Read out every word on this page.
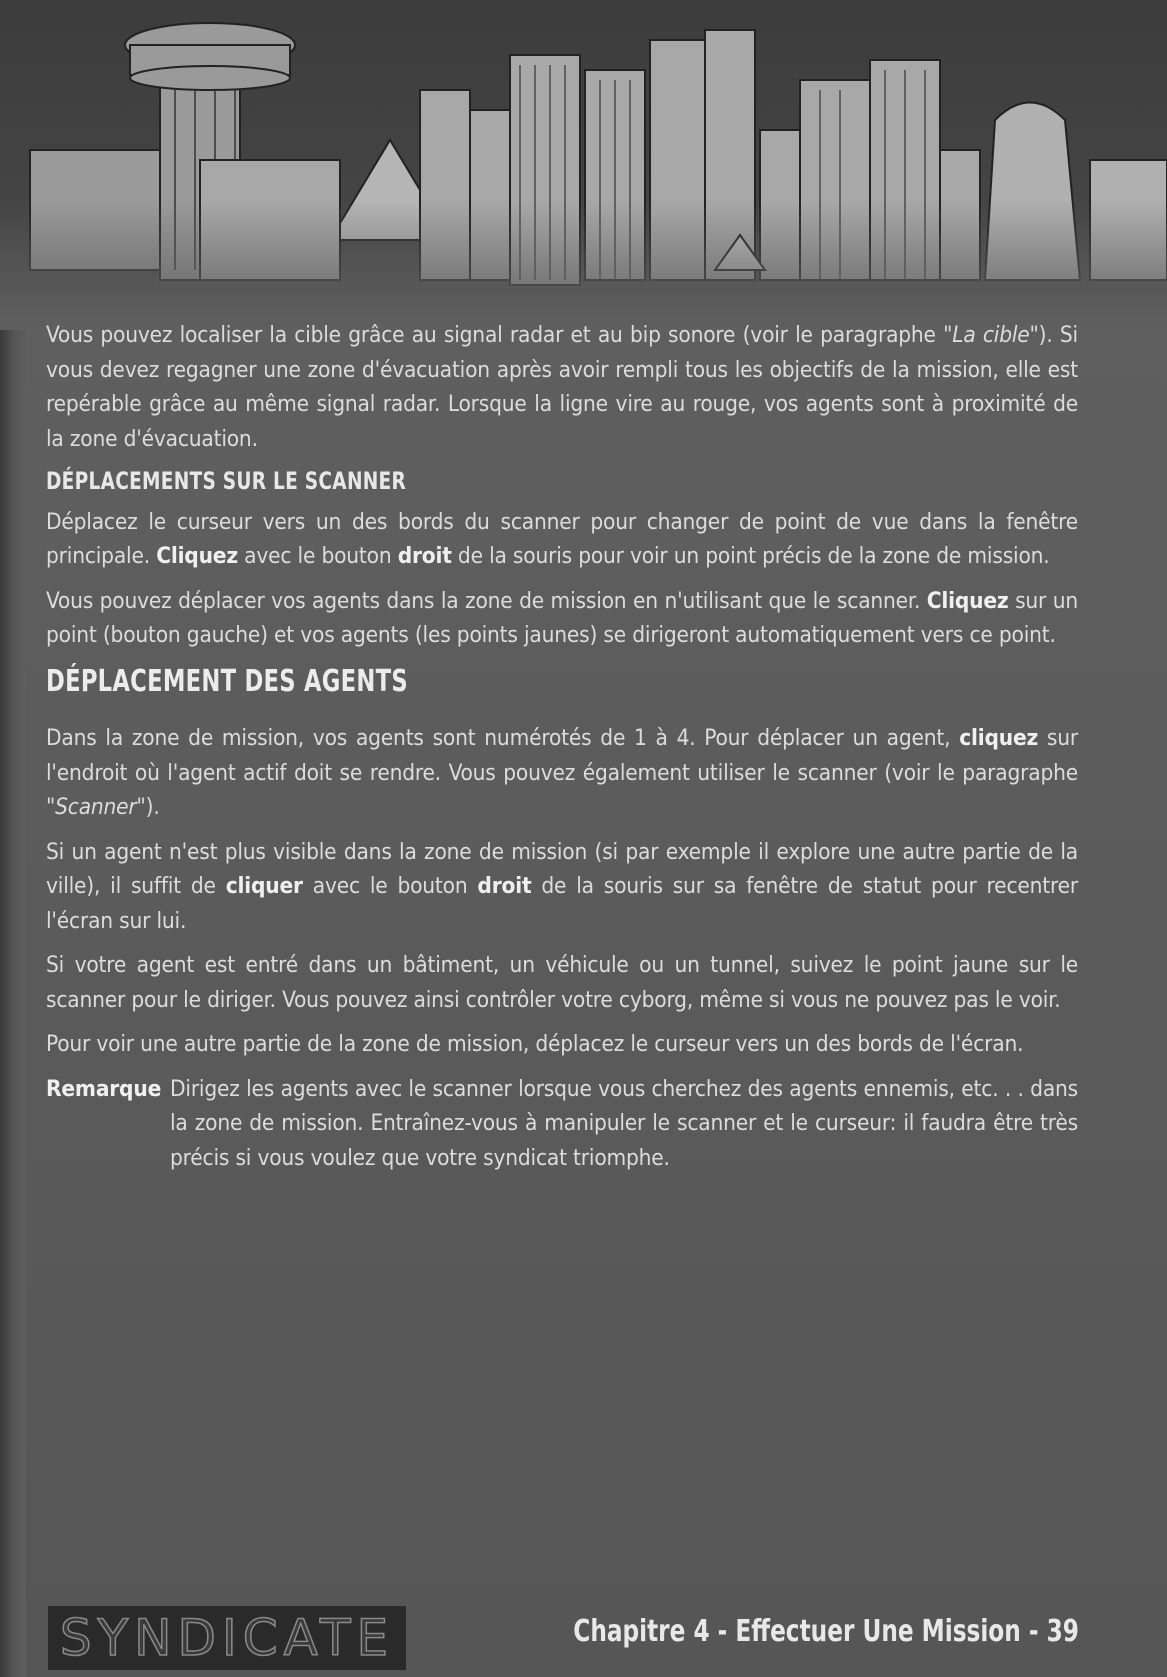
Vous pouvez localiser la cible grâce au signal radar et au bip sonore (voir le paragraphe "La cible"). Si vous devez regagner une zone d'évacuation après avoir rempli tous les objectifs de la mission, elle est repérable grâce au même signal radar. Lorsque la ligne vire au rouge, vos agents sont à proximité de la zone d'évacuation.

DÉPLACEMENTS SUR LE SCANNER

Déplacez le curseur vers un des bords du scanner pour changer de point de vue dans la fenêtre principale. Cliquez avec le bouton droit de la souris pour voir un point précis de la zone de mission.

Vous pouvez déplacer vos agents dans la zone de mission en n'utilisant que le scanner. Cliquez sur un point (bouton gauche) et vos agents (les points jaunes) se dirigeront automatiquement vers ce point.

DÉPLACEMENT DES AGENTS

Dans la zone de mission, vos agents sont numérotés de 1 à 4. Pour déplacer un agent, cliquez sur l'endroit où l'agent actif doit se rendre. Vous pouvez également utiliser le scanner (voir le paragraphe "Scanner").

Si un agent n'est plus visible dans la zone de mission (si par exemple il explore une autre partie de la ville), il suffit de cliquer avec le bouton droit de la souris sur sa fenêtre de statut pour recentrer l'écran sur lui.

Si votre agent est entré dans un bâtiment, un véhicule ou un tunnel, suivez le point jaune sur le scanner pour le diriger. Vous pouvez ainsi contrôler votre cyborg, même si vous ne pouvez pas le voir.

Pour voir une autre partie de la zone de mission, déplacez le curseur vers un des bords de l'écran.

Remarque Dirigez les agents avec le scanner lorsque vous cherchez des agents ennemis, etc. . . dans la zone de mission. Entraînez-vous à manipuler le scanner et le curseur: il faudra être très précis si vous voulez que votre syndicat triomphe.
SYNDICATE	Chapitre 4 - Effectuer Une Mission - 39
